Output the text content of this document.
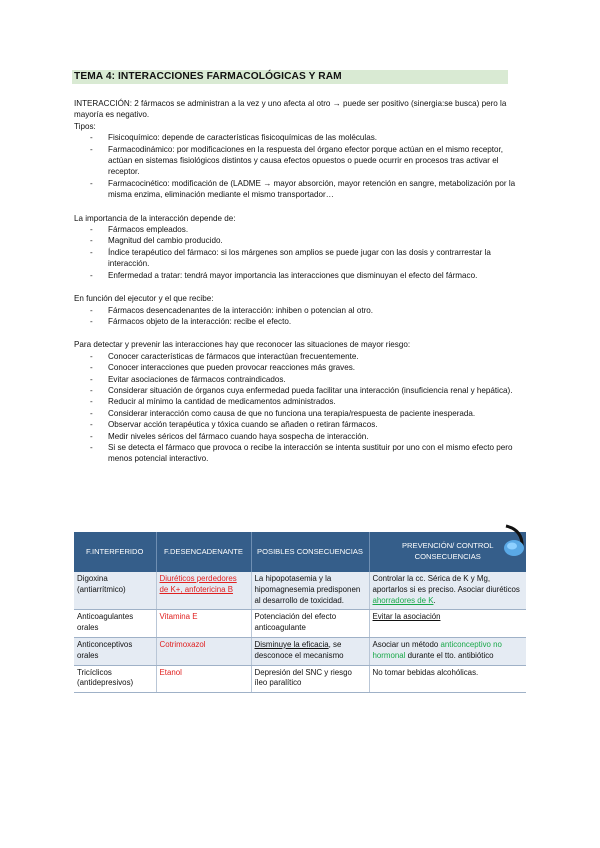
TEMA 4: INTERACCIONES FARMACOLÓGICAS Y RAM

INTERACCIÓN: 2 fármacos se administran a la vez y uno afecta al otro → puede ser positivo (sinergia:se busca) pero la mayoría es negativo.

Tipos:

- Fisicoquímico: depende de características fisicoquímicas de las moléculas.
- Farmacodinámico: por modificaciones en la respuesta del órgano efector porque actúan en el mismo receptor, actúan en sistemas fisiológicos distintos y causa efectos opuestos o puede ocurrir en procesos tras activar el receptor.
- Farmacocinético: modificación de (LADME → mayor absorción, mayor retención en sangre, metabolización por la misma enzima, eliminación mediante el mismo transportador…

La importancia de la interacción depende de:

- Fármacos empleados.
- Magnitud del cambio producido.
- Índice terapéutico del fármaco: si los márgenes son amplios se puede jugar con las dosis y contrarrestar la interacción.
- Enfermedad a tratar: tendrá mayor importancia las interacciones que disminuyan el efecto del fármaco.

En función del ejecutor y el que recibe:

- Fármacos desencadenantes de la interacción: inhiben o potencian al otro.
- Fármacos objeto de la interacción: recibe el efecto.

Para detectar y prevenir las interacciones hay que reconocer las situaciones de mayor riesgo:

- Conocer características de fármacos que interactúan frecuentemente.
- Conocer interacciones que pueden provocar reacciones más graves.
- Evitar asociaciones de fármacos contraindicados.
- Considerar situación de órganos cuya enfermedad pueda facilitar una interacción (insuficiencia renal y hepática).
- Reducir al mínimo la cantidad de medicamentos administrados.
- Considerar interacción como causa de que no funciona una terapia/respuesta de paciente inesperada.
- Observar acción terapéutica y tóxica cuando se añaden o retiran fármacos.
- Medir niveles séricos del fármaco cuando haya sospecha de interacción.
- Si se detecta el fármaco que provoca o recibe la interacción se intenta sustituir por uno con el mismo efecto pero menos potencial interactivo.
F.INTERFERIDO	F.DESENCADENANTE	POSIBLES CONSECUENCIAS	PREVENCIÓN/ CONTROL CONSECUENCIAS

Digoxina (antiarrítmico)	Diuréticos perdedores de K+, anfotericina B	La hipopotasemia y la hipomagnesemia predisponen al desarrollo de toxicidad.	Controlar la cc. Sérica de K y Mg, aportarlos si es preciso. Asociar diuréticos ahorradores de K.
Anticoagulantes orales	Vitamina E	Potenciación del efecto anticoagulante	Evitar la asociación
Anticonceptivos orales	Cotrimoxazol	Disminuye la eficacia, se desconoce el mecanismo	Asociar un método anticonceptivo no hormonal durante el tto. antibiótico
Tricíclicos (antidepresivos)	Etanol	Depresión del SNC y riesgo íleo paralítico	No tomar bebidas alcohólicas.
